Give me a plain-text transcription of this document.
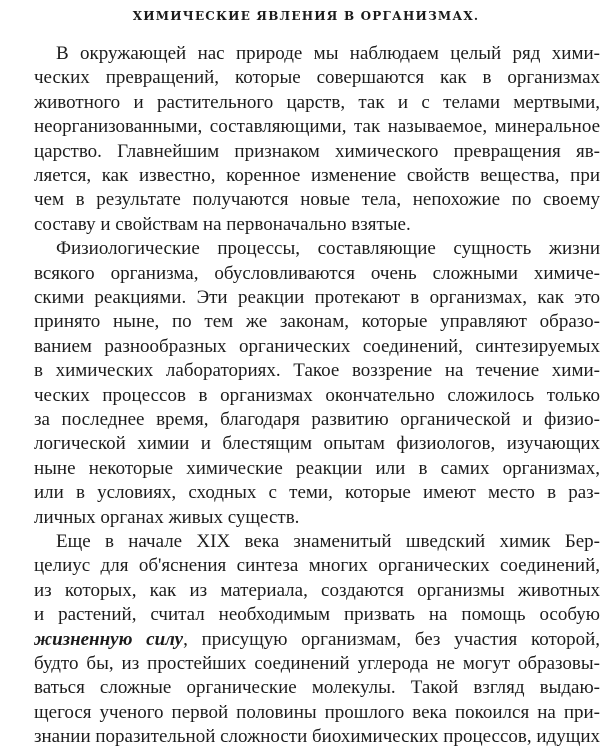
ХИМИЧЕСКИЕ ЯВЛЕНИЯ В ОРГАНИЗМАХ.
В окружающей нас природе мы наблюдаем целый ряд хими-
ческих превращений, которые совершаются как в организмах
животного и растительного царств, так и с телами мертвыми,
неорганизованными, составляющими, так называемое, минеральное
царство. Главнейшим признаком химического превращения яв-
ляется, как известно, коренное изменение свойств вещества, при
чем в результате получаются новые тела, непохожие по своему
составу и свойствам на первоначально взятые.
Физиологические процессы, составляющие сущность жизни
всякого организма, обусловливаются очень сложными химиче-
скими реакциями. Эти реакции протекают в организмах, как это
принято ныне, по тем же законам, которые управляют образо-
ванием разнообразных органических соединений, синтезируемых
в химических лабораториях. Такое воззрение на течение хими-
ческих процессов в организмах окончательно сложилось только
за последнее время, благодаря развитию органической и физио-
логической химии и блестящим опытам физиологов, изучающих
ныне некоторые химические реакции или в самих организмах,
или в условиях, сходных с теми, которые имеют место в раз-
личных органах живых существ.
Еще в начале XIX века знаменитый шведский химик Бер-
целиус для об'яснения синтеза многих органических соединений,
из которых, как из материала, создаются организмы животных
и растений, считал необходимым призвать на помощь особую
жизненную силу, присущую организмам, без участия которой,
будто бы, из простейших соединений углерода не могут образовы-
ваться сложные органические молекулы. Такой взгляд выдаю-
щегося ученого первой половины прошлого века покоился на при-
знании поразительной сложности биохимических процессов, идущих
